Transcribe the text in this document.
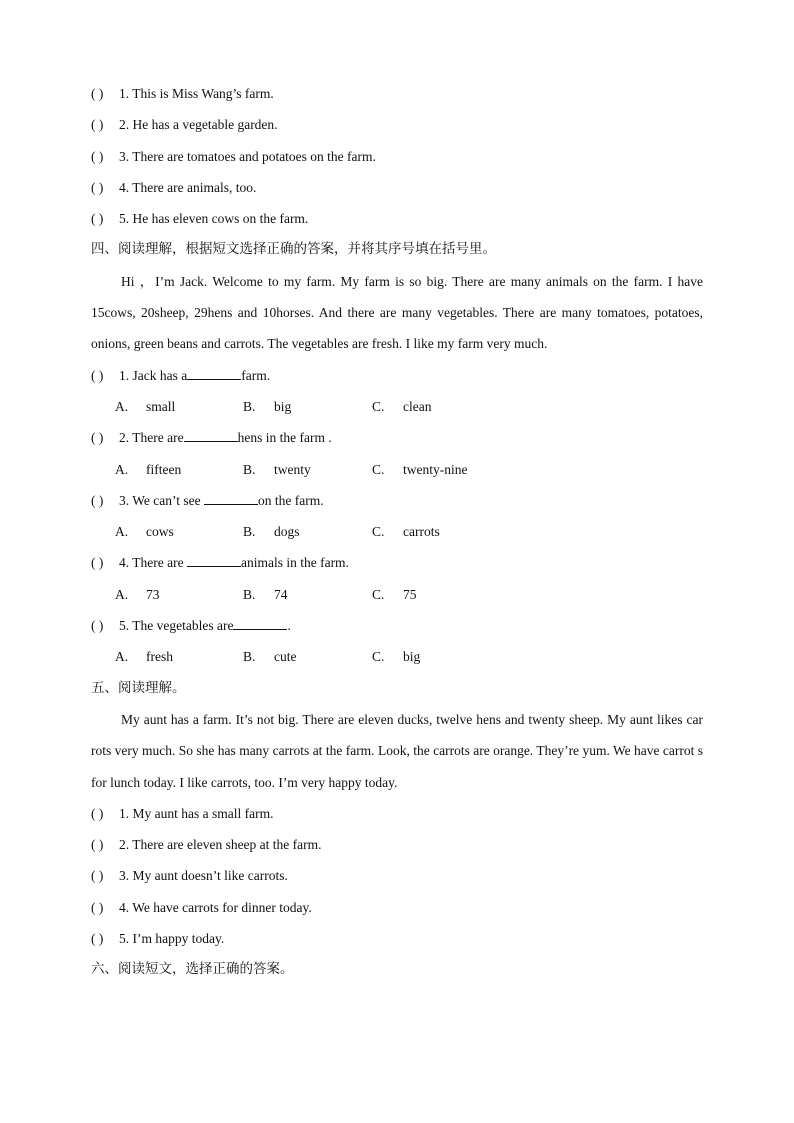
( ) 1. This is Miss Wang’s farm.
( ) 2. He has a vegetable garden.
( ) 3. There are tomatoes and potatoes on the farm.
( ) 4. There are animals, too.
( ) 5. He has eleven cows on the farm.
四、阅读理解，根据短文选择正确的答案，并将其序号填在括号里。

Hi ，I’m Jack. Welcome to my farm. My farm is so big. There are many animals on the farm. I have 15cows, 20sheep, 29hens and 10horses. And there are many vegetables. There are many tomatoes, potatoes, onions, green beans and carrots. The vegetables are fresh. I like my farm very much.

( ) 1. Jack has a	farm.
A. small	B. big	C. clean
( ) 2. There are	hens in the farm .
A. fifteen	B. twenty	C. twenty-nine
( ) 3. We can’t see	on the farm.
A. cows	B. dogs	C. carrots
( ) 4. There are	animals in the farm.
A. 73	B. 74	C. 75
( ) 5. The vegetables are	.
A. fresh	B. cute	C. big
五、阅读理解。

My aunt has a farm. It’s not big. There are eleven ducks, twelve hens and twenty sheep. My aunt likes car rots very much. So she has many carrots at the farm. Look, the carrots are orange. They’re yum. We have carrot s for lunch today. I like carrots, too. I’m very happy today.

( ) 1. My aunt has a small farm.
( ) 2. There are eleven sheep at the farm.
( ) 3. My aunt doesn’t like carrots.
( ) 4. We have carrots for dinner today.
( ) 5. I’m happy today.
六、阅读短文，选择正确的答案。
